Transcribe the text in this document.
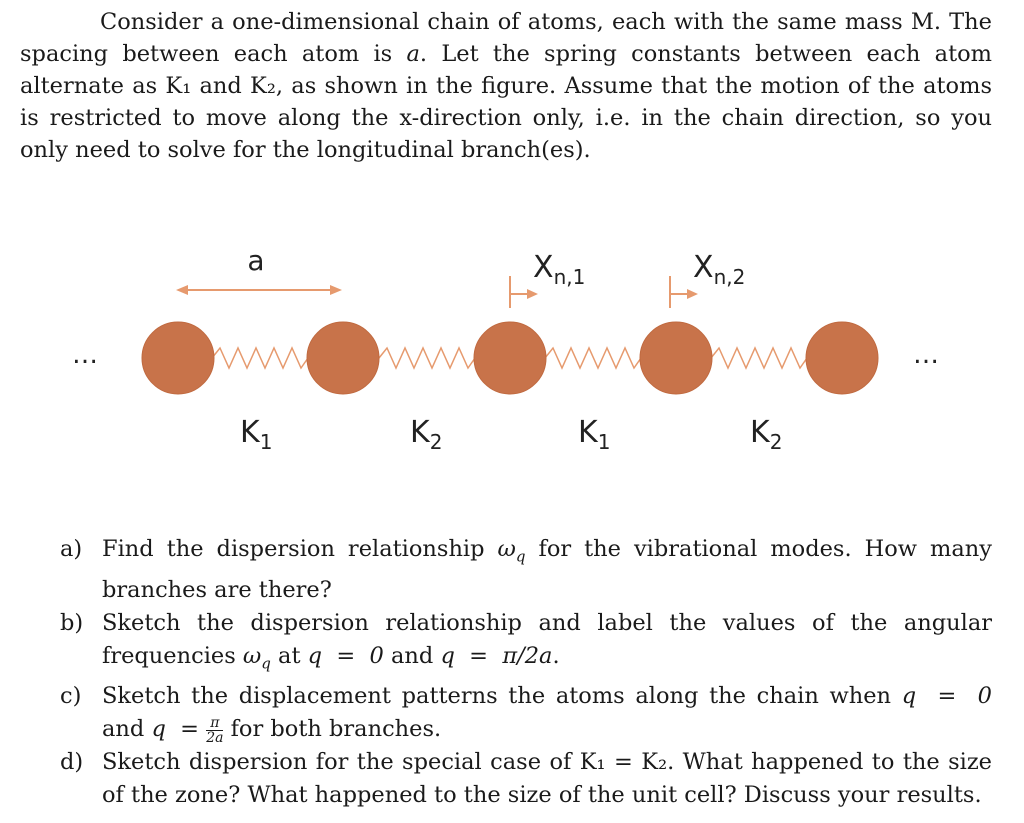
Consider a one-dimensional chain of atoms, each with the same mass M. The spacing between each atom is a. Let the spring constants between each atom alternate as K₁ and K₂, as shown in the figure. Assume that the motion of the atoms is restricted to move along the x-direction only, i.e. in the chain direction, so you only need to solve for the longitudinal branch(es).

a	$X_{n,1}$	$X_{n,2}$
…	…
$K_1$	$K_2$	$K_1$	$K_2$
a) Find the dispersion relationship $\omega_q$ for the vibrational modes. How many branches are there?
b) Sketch the dispersion relationship and label the values of the angular frequencies $\omega_q$ at q  =  0 and q  =  π/2a.
c) Sketch the displacement patterns the atoms along the chain when q  =  0 and $q = \frac{\pi}{2a}$ for both branches.
d) Sketch dispersion for the special case of K₁ = K₂. What happened to the size of the zone? What happened to the size of the unit cell? Discuss your results.
